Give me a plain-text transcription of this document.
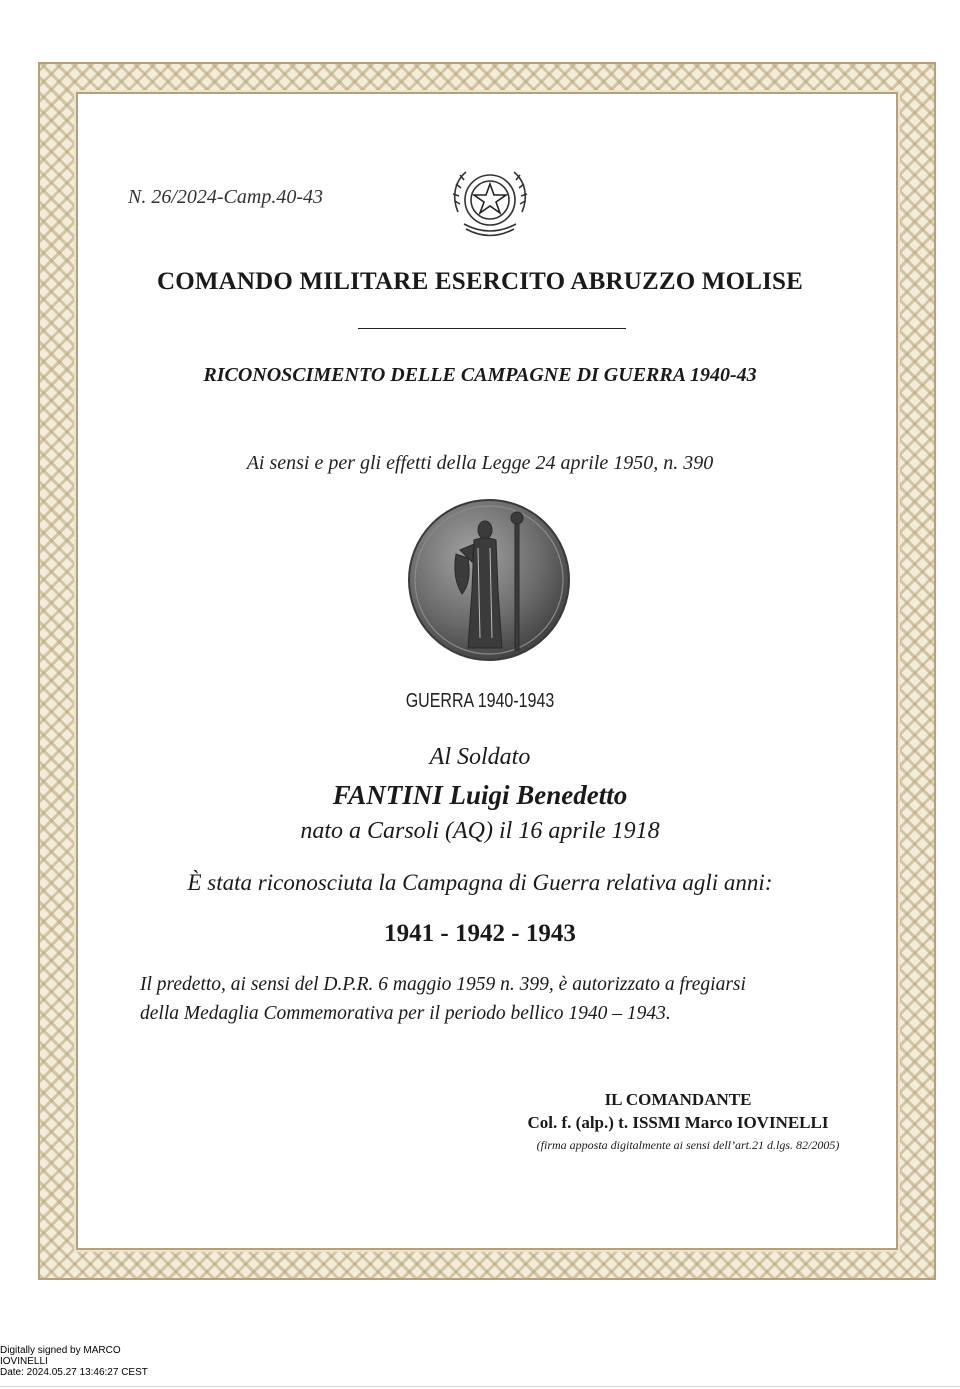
N. 26/2024-Camp.40-43
COMANDO MILITARE ESERCITO ABRUZZO MOLISE
RICONOSCIMENTO DELLE CAMPAGNE DI GUERRA 1940-43
Ai sensi e per gli effetti della Legge 24 aprile 1950, n. 390
GUERRA 1940-1943
Al Soldato
FANTINI Luigi Benedetto
nato a Carsoli (AQ) il 16 aprile 1918
È stata riconosciuta la Campagna di Guerra relativa agli anni:
1941 - 1942 - 1943
Il predetto, ai sensi del D.P.R. 6 maggio 1959 n. 399, è autorizzato a fregiarsi
della Medaglia Commemorativa per il periodo bellico 1940 – 1943.
IL COMANDANTE
Col. f. (alp.) t. ISSMI Marco IOVINELLI
(firma apposta digitalmente ai sensi dell’art.21 d.lgs. 82/2005)
Digitally signed by MARCO
IOVINELLI
Date: 2024.05.27 13:46:27 CEST
